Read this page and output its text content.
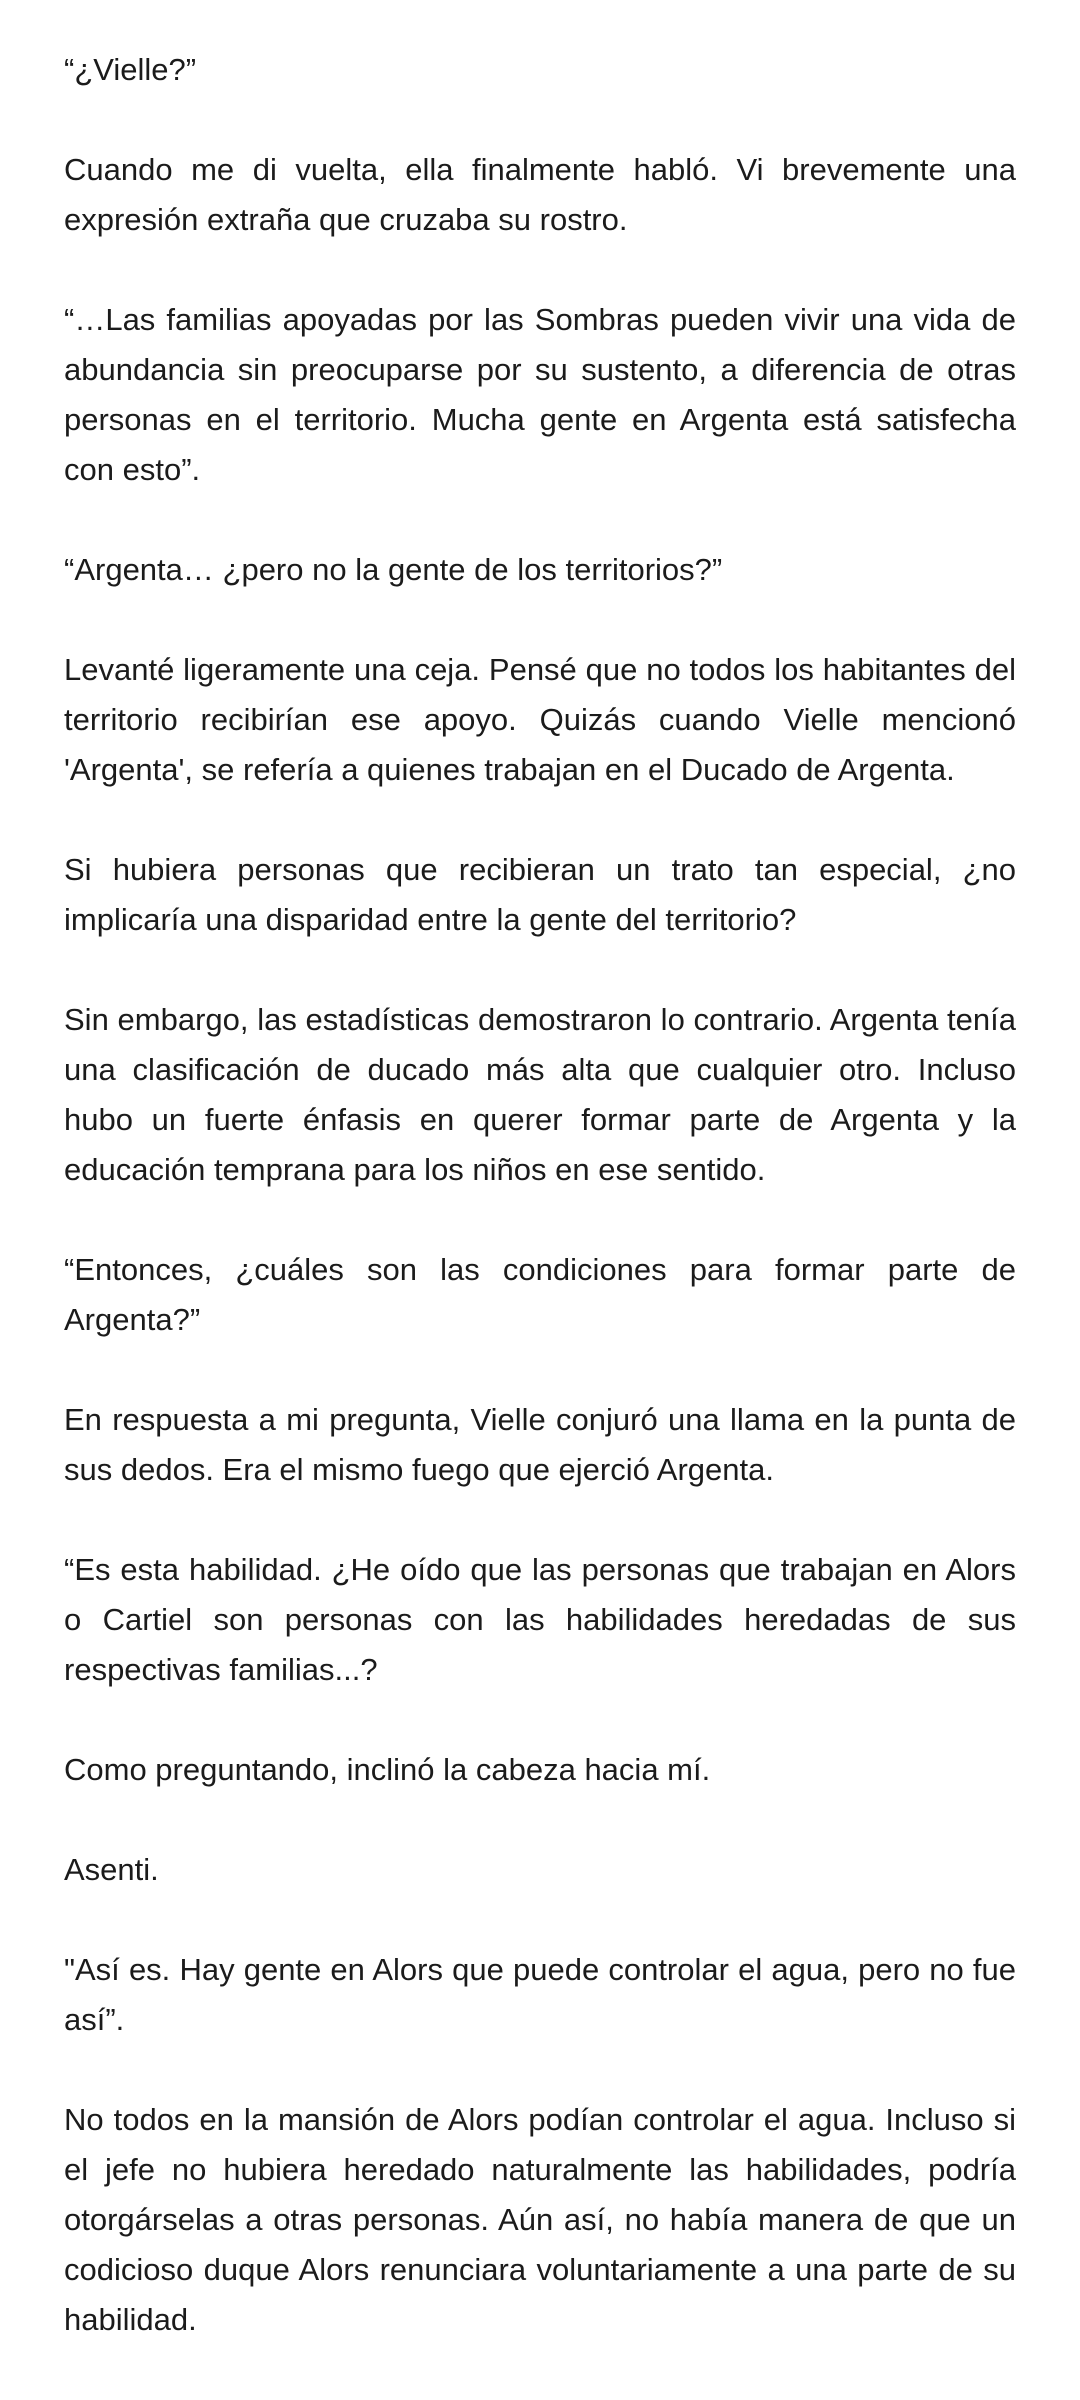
“¿Vielle?”

Cuando me di vuelta, ella finalmente habló. Vi brevemente una expresión extraña que cruzaba su rostro.

“…Las familias apoyadas por las Sombras pueden vivir una vida de abundancia sin preocuparse por su sustento, a diferencia de otras personas en el territorio. Mucha gente en Argenta está satisfecha con esto”.

“Argenta… ¿pero no la gente de los territorios?”

Levanté ligeramente una ceja. Pensé que no todos los habitantes del territorio recibirían ese apoyo. Quizás cuando Vielle mencionó 'Argenta', se refería a quienes trabajan en el Ducado de Argenta.

Si hubiera personas que recibieran un trato tan especial, ¿no implicaría una disparidad entre la gente del territorio?

Sin embargo, las estadísticas demostraron lo contrario. Argenta tenía una clasificación de ducado más alta que cualquier otro. Incluso hubo un fuerte énfasis en querer formar parte de Argenta y la educación temprana para los niños en ese sentido.

“Entonces, ¿cuáles son las condiciones para formar parte de Argenta?”

En respuesta a mi pregunta, Vielle conjuró una llama en la punta de sus dedos. Era el mismo fuego que ejerció Argenta.

“Es esta habilidad. ¿He oído que las personas que trabajan en Alors o Cartiel son personas con las habilidades heredadas de sus respectivas familias...?

Como preguntando, inclinó la cabeza hacia mí.

Asenti.

"Así es. Hay gente en Alors que puede controlar el agua, pero no fue así”.

No todos en la mansión de Alors podían controlar el agua. Incluso si el jefe no hubiera heredado naturalmente las habilidades, podría otorgárselas a otras personas. Aún así, no había manera de que un codicioso duque Alors renunciara voluntariamente a una parte de su habilidad.
